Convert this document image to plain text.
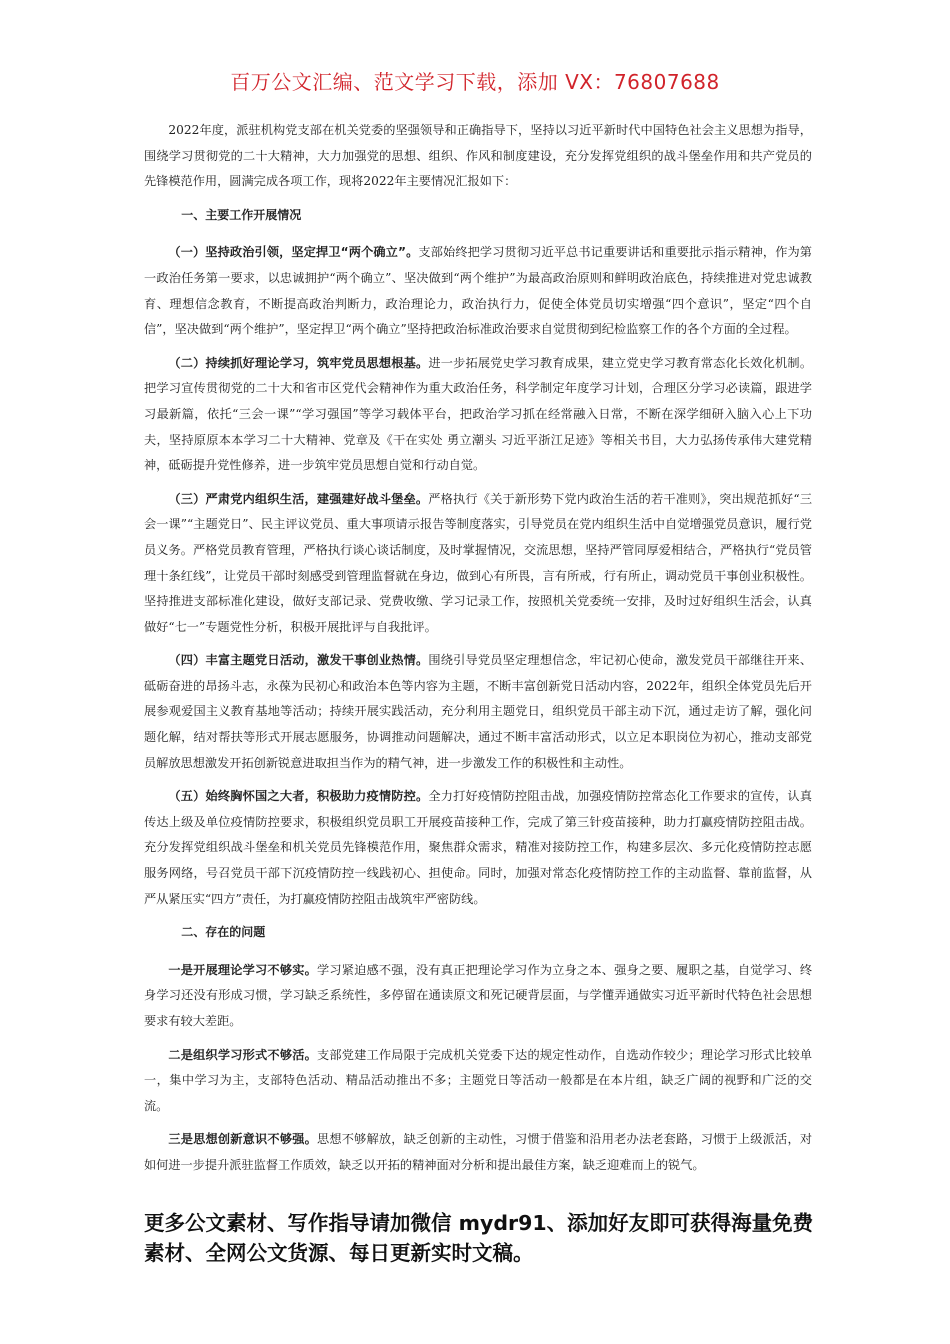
百万公文汇编、范文学习下载，添加 VX：76807688

2022年度，派驻机构党支部在机关党委的坚强领导和正确指导下，坚持以习近平新时代中国特色社会主义思想为指导，围绕学习贯彻党的二十大精神，大力加强党的思想、组织、作风和制度建设，充分发挥党组织的战斗堡垒作用和共产党员的先锋模范作用，圆满完成各项工作，现将2022年主要情况汇报如下：

一、主要工作开展情况

（一）坚持政治引领，坚定捍卫“两个确立”。支部始终把学习贯彻习近平总书记重要讲话和重要批示指示精神，作为第一政治任务第一要求，以忠诚拥护“两个确立”、坚决做到“两个维护”为最高政治原则和鲜明政治底色，持续推进对党忠诚教育、理想信念教育，不断提高政治判断力，政治理论力，政治执行力，促使全体党员切实增强“四个意识”，坚定“四个自信”，坚决做到“两个维护”，坚定捍卫“两个确立”坚持把政治标准政治要求自觉贯彻到纪检监察工作的各个方面的全过程。

（二）持续抓好理论学习，筑牢党员思想根基。进一步拓展党史学习教育成果，建立党史学习教育常态化长效化机制。把学习宣传贯彻党的二十大和省市区党代会精神作为重大政治任务，科学制定年度学习计划，合理区分学习必读篇，跟进学习最新篇，依托“三会一课”“学习强国”等学习载体平台，把政治学习抓在经常融入日常，不断在深学细研入脑入心上下功夫，坚持原原本本学习二十大精神、党章及《干在实处 勇立潮头 习近平浙江足迹》等相关书目，大力弘扬传承伟大建党精神，砥砺提升党性修养，进一步筑牢党员思想自觉和行动自觉。

（三）严肃党内组织生活，建强建好战斗堡垒。严格执行《关于新形势下党内政治生活的若干准则》，突出规范抓好“三会一课”“主题党日”、民主评议党员、重大事项请示报告等制度落实，引导党员在党内组织生活中自觉增强党员意识，履行党员义务。严格党员教育管理，严格执行谈心谈话制度，及时掌握情况，交流思想，坚持严管同厚爱相结合，严格执行“党员管理十条红线”，让党员干部时刻感受到管理监督就在身边，做到心有所畏，言有所戒，行有所止，调动党员干事创业积极性。坚持推进支部标准化建设，做好支部记录、党费收缴、学习记录工作，按照机关党委统一安排，及时过好组织生活会，认真做好“七一”专题党性分析，积极开展批评与自我批评。

（四）丰富主题党日活动，激发干事创业热情。围绕引导党员坚定理想信念，牢记初心使命，激发党员干部继往开来、砥砺奋进的昂扬斗志，永葆为民初心和政治本色等内容为主题，不断丰富创新党日活动内容，2022年，组织全体党员先后开展参观爱国主义教育基地等活动；持续开展实践活动，充分利用主题党日，组织党员干部主动下沉，通过走访了解，强化问题化解，结对帮扶等形式开展志愿服务，协调推动问题解决，通过不断丰富活动形式，以立足本职岗位为初心，推动支部党员解放思想激发开拓创新锐意进取担当作为的精气神，进一步激发工作的积极性和主动性。

（五）始终胸怀国之大者，积极助力疫情防控。全力打好疫情防控阻击战，加强疫情防控常态化工作要求的宣传，认真传达上级及单位疫情防控要求，积极组织党员职工开展疫苗接种工作，完成了第三针疫苗接种，助力打赢疫情防控阻击战。充分发挥党组织战斗堡垒和机关党员先锋模范作用，聚焦群众需求，精准对接防控工作，构建多层次、多元化疫情防控志愿服务网络，号召党员干部下沉疫情防控一线践初心、担使命。同时，加强对常态化疫情防控工作的主动监督、靠前监督，从严从紧压实“四方”责任，为打赢疫情防控阻击战筑牢严密防线。

二、存在的问题

一是开展理论学习不够实。学习紧迫感不强，没有真正把理论学习作为立身之本、强身之要、履职之基，自觉学习、终身学习还没有形成习惯，学习缺乏系统性，多停留在通读原文和死记硬背层面，与学懂弄通做实习近平新时代特色社会思想要求有较大差距。

二是组织学习形式不够活。支部党建工作局限于完成机关党委下达的规定性动作，自选动作较少；理论学习形式比较单一，集中学习为主，支部特色活动、精品活动推出不多；主题党日等活动一般都是在本片组，缺乏广阔的视野和广泛的交流。

三是思想创新意识不够强。思想不够解放，缺乏创新的主动性，习惯于借鉴和沿用老办法老套路，习惯于上级派活，对如何进一步提升派驻监督工作质效，缺乏以开拓的精神面对分析和提出最佳方案，缺乏迎难而上的锐气。

更多公文素材、写作指导请加微信 mydr91、添加好友即可获得海量免费素材、全网公文货源、每日更新实时文稿。
